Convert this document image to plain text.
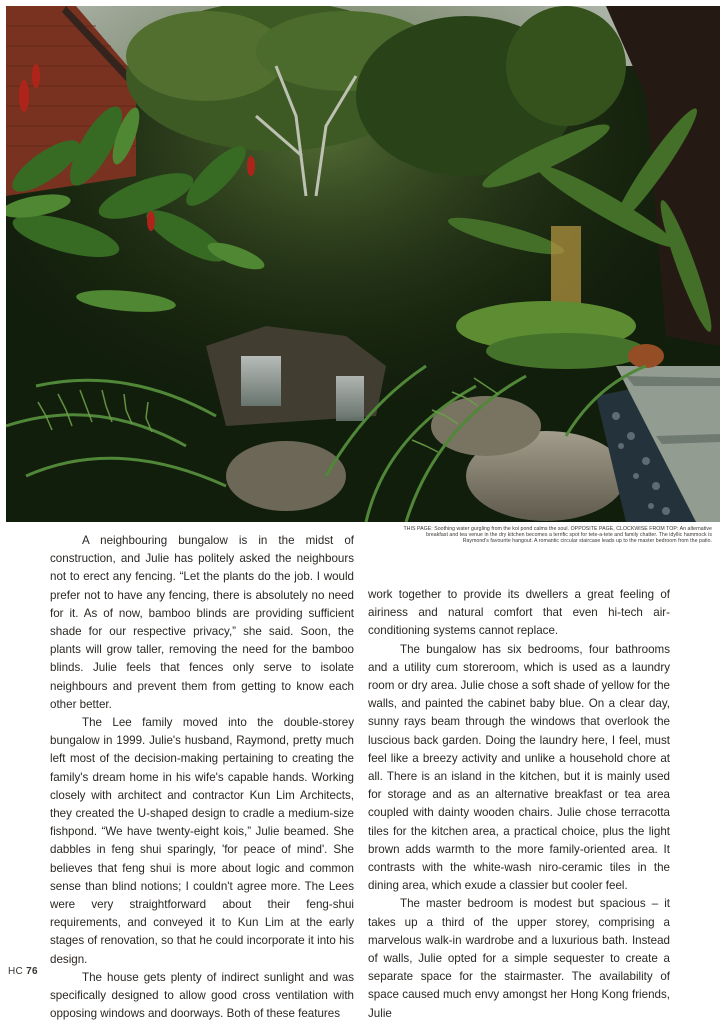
THIS PAGE: Soothing water gurgling from the koi pond calms the soul. OPPOSITE PAGE, CLOCKWISE FROM TOP: An alternative breakfast and tea venue in the dry kitchen becomes a terrific spot for tete-a-tete and family chatter. The idyllic hammock is Raymond's favourite hangout. A romantic circular staircase leads up to the master bedroom from the patio.

A neighbouring bungalow is in the midst of construction, and Julie has politely asked the neighbours not to erect any fencing. “Let the plants do the job. I would prefer not to have any fencing, there is absolutely no need for it. As of now, bamboo blinds are providing sufficient shade for our respective privacy,” she said. Soon, the plants will grow taller, removing the need for the bamboo blinds. Julie feels that fences only serve to isolate neighbours and prevent them from getting to know each other better.

The Lee family moved into the double-storey bungalow in 1999. Julie's husband, Raymond, pretty much left most of the decision-making pertaining to creating the family's dream home in his wife's capable hands. Working closely with architect and contractor Kun Lim Architects, they created the U-shaped design to cradle a medium-size fishpond. “We have twenty-eight kois,” Julie beamed. She dabbles in feng shui sparingly, 'for peace of mind'. She believes that feng shui is more about logic and common sense than blind notions; I couldn't agree more. The Lees were very straightforward about their feng-shui requirements, and conveyed it to Kun Lim at the early stages of renovation, so that he could incorporate it into his design.

The house gets plenty of indirect sunlight and was specifically designed to allow good cross ventilation with opposing windows and doorways. Both of these features

work together to provide its dwellers a great feeling of airiness and natural comfort that even hi-tech air-conditioning systems cannot replace.

The bungalow has six bedrooms, four bathrooms and a utility cum storeroom, which is used as a laundry room or dry area. Julie chose a soft shade of yellow for the walls, and painted the cabinet baby blue. On a clear day, sunny rays beam through the windows that overlook the luscious back garden. Doing the laundry here, I feel, must feel like a breezy activity and unlike a household chore at all. There is an island in the kitchen, but it is mainly used for storage and as an alternative breakfast or tea area coupled with dainty wooden chairs. Julie chose terracotta tiles for the kitchen area, a practical choice, plus the light brown adds warmth to the more family-oriented area. It contrasts with the white-wash niro-ceramic tiles in the dining area, which exude a classier but cooler feel.

The master bedroom is modest but spacious – it takes up a third of the upper storey, comprising a marvelous walk-in wardrobe and a luxurious bath. Instead of walls, Julie opted for a simple sequester to create a separate space for the stairmaster. The availability of space caused much envy amongst her Hong Kong friends, Julie

HC 76
